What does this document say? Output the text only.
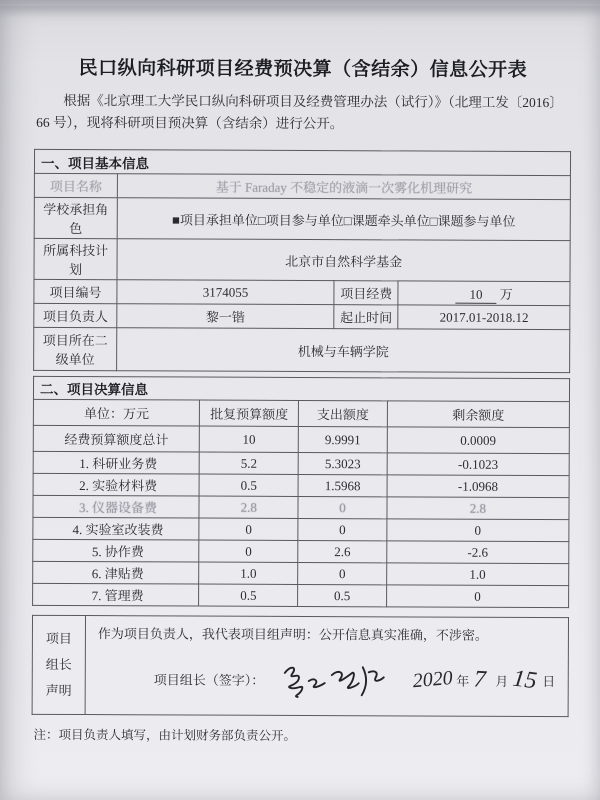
民口纵向科研项目经费预决算（含结余）信息公开表
根据《北京理工大学民口纵向科研项目及经费管理办法（试行）》（北理工发〔2016〕66 号），现将科研项目预决算（含结余）进行公开。
一、项目基本信息			
项目名称	基于 Faraday 不稳定的液滴一次雾化机理研究		
学校承担角色	■项目承担单位□项目参与单位□课题牵头单位□课题参与单位		
所属科技计划	北京市自然科学基金		
项目编号	3174055	项目经费	10 万
项目负责人	黎一锴	起止时间	2017.01-2018.12
项目所在二级单位	机械与车辆学院		
二、项目决算信息			
单位：万元	批复预算额度	支出额度	剩余额度
经费预算额度总计	10	9.9991	0.0009
1. 科研业务费	5.2	5.3023	-0.1023
2. 实验材料费	0.5	1.5968	-1.0968
3. 仪器设备费	2.8	0	2.8
4. 实验室改装费	0	0	0
5. 协作费	0	2.6	-2.6
6. 津贴费	1.0	0	1.0
7. 管理费	0.5	0.5	0
项目组长声明	
作为项目负责人，我代表项目组声明：公开信息真实准确，不涉密。
项目组长（签字）：	2020 年 7 月 15 日
注：项目负责人填写，由计划财务部负责公开。
